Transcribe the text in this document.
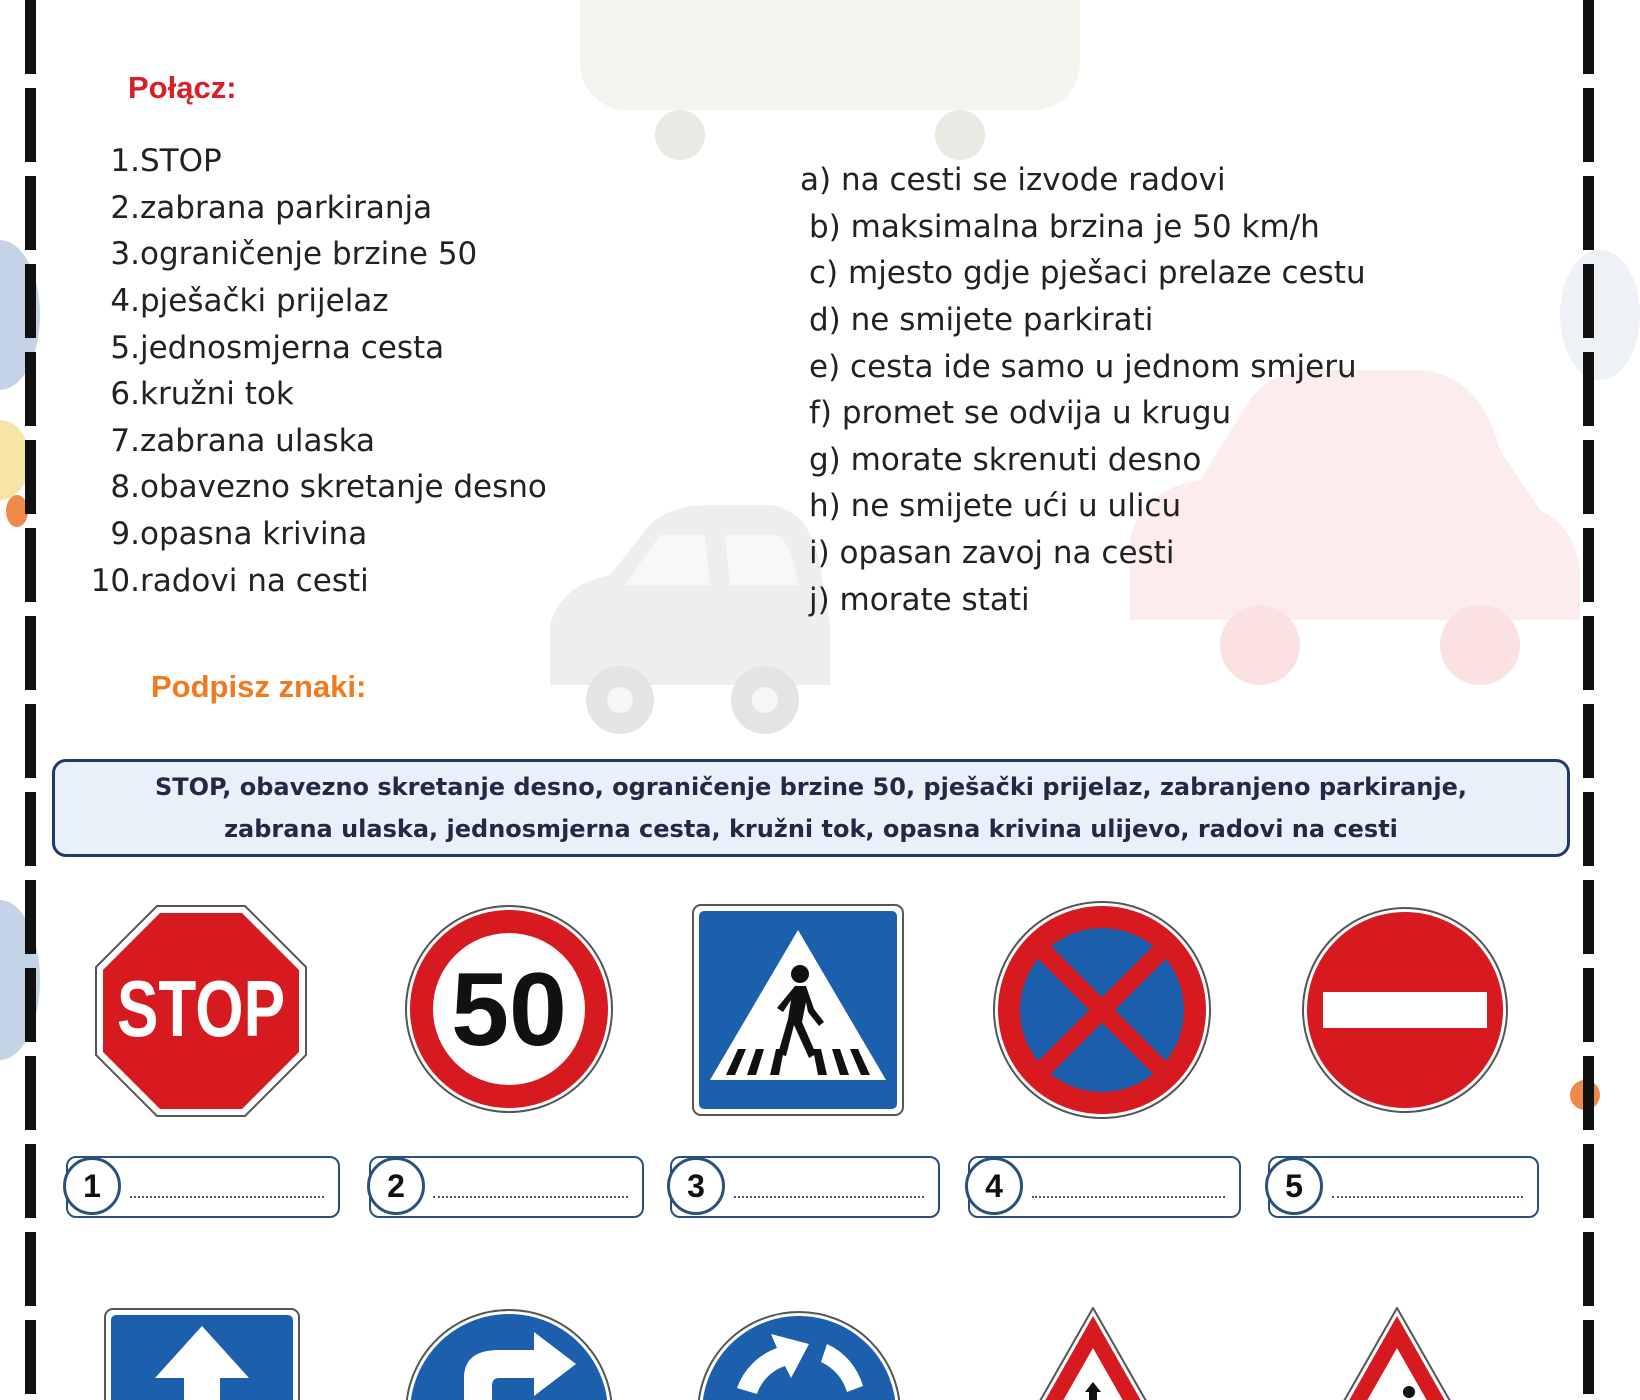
Połącz:
1. STOP
2. zabrana parkiranja
3. ograničenje brzine 50
4. pješački prijelaz
5. jednosmjerna cesta
6. kružni tok
7. zabrana ulaska
8. obavezno skretanje desno
9. opasna krivina
10. radovi na cesti
a) na cesti se izvode radovi
b) maksimalna brzina je 50 km/h
c) mjesto gdje pješaci prelaze cestu
d) ne smijete parkirati
e) cesta ide samo u jednom smjeru
f) promet se odvija u krugu
g) morate skrenuti desno
h) ne smijete ući u ulicu
i) opasan zavoj na cesti
j) morate stati
Podpisz znaki:
STOP, obavezno skretanje desno, ograničenje brzine 50, pješački prijelaz, zabranjeno parkiranje,
zabrana ulaska, jednosmjerna cesta, kružni tok, opasna krivina ulijevo, radovi na cesti
STOP 50
1	2	3	4	5
